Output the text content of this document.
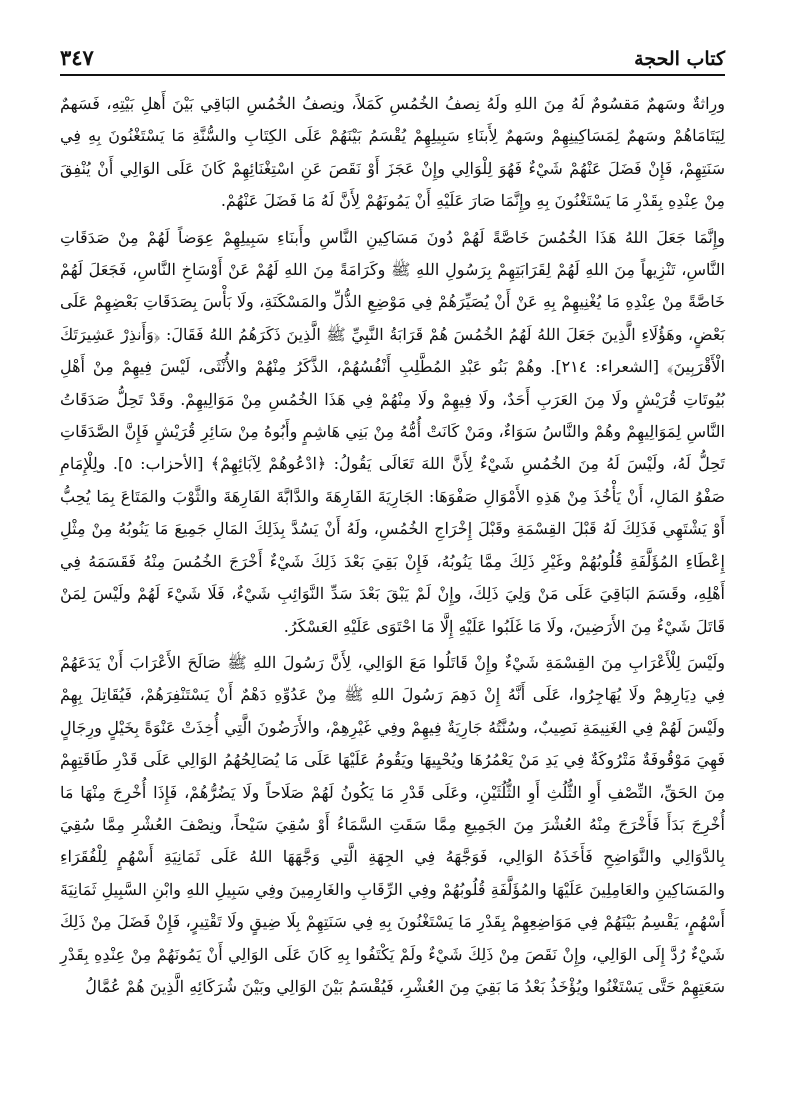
كتاب الحجة
٣٤٧

ورِاثةٌ وسَهمٌ مَقسُومٌ لَهُ مِنَ اللهِ ولَهُ نِصفُ الخُمُسِ كَمَلاً، ونِصفُ الخُمُسِ البَاقِي بَيْنَ أَهلِ بَيْتِهِ، فَسَهمٌ لِيَتَامَاهُمْ وسَهمٌ لِمَسَاكِينِهِمْ وسَهمٌ لِأَبنَاءِ سَبِيلِهِمْ يُقْسَمُ بَيْنَهُمْ عَلَى الكِتَابِ والسُّنَّةِ مَا يَسْتَغْنُونَ بِهِ فِي سَنَتِهِمْ، فَإِنْ فَضَلَ عَنْهُمْ شَيْءٌ فَهُوَ لِلْوَالِي وإِنْ عَجَزَ أَوْ نَقَصَ عَنِ اسْتِغْنَائِهِمْ كَانَ عَلَى الوَالِي أَنْ يُنْفِقَ مِنْ عِنْدِهِ بِقَدْرِ مَا يَسْتَغْنُونَ بِهِ وإِنَّمَا صَارَ عَلَيْهِ أَنْ يَمُونَهُمْ لِأَنَّ لَهُ مَا فَضَلَ عَنْهُمْ.

وإِنَّمَا جَعَلَ اللهُ هَذَا الخُمُسَ خَاصَّةً لَهُمْ دُونَ مَسَاكِينِ النَّاسِ وأَبنَاءِ سَبِيلِهِمْ عِوَضاً لَهُمْ مِنْ صَدَقَاتِ النَّاسِ، تَنْزِيهاً مِنَ اللهِ لَهُمْ لِقَرَابَتِهِمْ بِرَسُولِ اللهِ ﷺ وكَرَامَةً مِنَ اللهِ لَهُمْ عَنْ أَوْسَاخِ النَّاسِ، فَجَعَلَ لَهُمْ خَاصَّةً مِنْ عِنْدِهِ مَا يُغْنِيهِمْ بِهِ عَنْ أَنْ يُصَيِّرَهُمْ فِي مَوْضِعِ الذُّلِّ والمَسْكَنَةِ، ولَا بَأْسَ بِصَدَقَاتِ بَعْضِهِمْ عَلَى بَعْضٍ، وهَؤُلَاءِ الَّذِينَ جَعَلَ اللهُ لَهُمُ الخُمُسَ هُمْ قَرَابَةُ النَّبِيِّ ﷺ الَّذِينَ ذَكَرَهُمُ اللهُ فَقَالَ: ﴿وَأَنذِرْ عَشِيرَتَكَ الْأَقْرَبِينَ﴾ [الشعراء: ٢١٤]. وهُمْ بَنُو عَبْدِ المُطَّلِبِ أَنْفُسُهُمْ، الذَّكَرُ مِنْهُمْ والأُنْثَى، لَيْسَ فِيهِمْ مِنْ أَهْلِ بُيُوتَاتِ قُرَيْشٍ ولَا مِنَ العَرَبِ أَحَدٌ، ولَا فِيهِمْ ولَا مِنْهُمْ فِي هَذَا الخُمُسِ مِنْ مَوَالِيهِمْ. وقَدْ تَحِلُّ صَدَقَاتُ النَّاسِ لِمَوَالِيهِمْ وهُمْ والنَّاسُ سَوَاءٌ، ومَنْ كَانَتْ أُمُّهُ مِنْ بَنِي هَاشِمٍ وأَبُوهُ مِنْ سَائِرِ قُرَيْشٍ فَإِنَّ الصَّدَقَاتِ تَحِلُّ لَهُ، ولَيْسَ لَهُ مِنَ الخُمُسِ شَيْءٌ لِأَنَّ اللهَ تَعَالَى يَقُولُ: ﴿ادْعُوهُمْ لِآبَائِهِمْ﴾ [الأحزاب: ٥]. ولِلْإِمَامِ صَفْوُ المَالِ، أَنْ يَأْخُذَ مِنْ هَذِهِ الأَمْوَالِ صَفْوَهَا: الجَارِيَةَ الفَارِهَةَ والدَّابَّةَ الفَارِهَةَ والثَّوْبَ والمَتَاعَ بِمَا يُحِبُّ أَوْ يَشْتَهِي فَذَلِكَ لَهُ قَبْلَ القِسْمَةِ وقَبْلَ إِخْرَاجِ الخُمُسِ، ولَهُ أَنْ يَسُدَّ بِذَلِكَ المَالِ جَمِيعَ مَا يَنُوبُهُ مِنْ مِثْلِ إِعْطَاءِ المُؤَلَّفَةِ قُلُوبُهُمْ وغَيْرِ ذَلِكَ مِمَّا يَنُوبُهُ، فَإِنْ بَقِيَ بَعْدَ ذَلِكَ شَيْءٌ أَخْرَجَ الخُمُسَ مِنْهُ فَقَسَمَهُ فِي أَهْلِهِ، وقَسَمَ البَاقِيَ عَلَى مَنْ وَلِيَ ذَلِكَ، وإِنْ لَمْ يَبْقَ بَعْدَ سَدِّ النَّوَائِبِ شَيْءٌ، فَلَا شَيْءَ لَهُمْ ولَيْسَ لِمَنْ قَاتَلَ شَيْءٌ مِنَ الأَرَضِينَ، ولَا مَا غَلَبُوا عَلَيْهِ إِلَّا مَا احْتَوَى عَلَيْهِ العَسْكَرُ.

ولَيْسَ لِلْأَعْرَابِ مِنَ القِسْمَةِ شَيْءٌ وإِنْ قَاتَلُوا مَعَ الوَالِي، لِأَنَّ رَسُولَ اللهِ ﷺ صَالَحَ الأَعْرَابَ أَنْ يَدَعَهُمْ فِي دِيَارِهِمْ ولَا يُهَاجِرُوا، عَلَى أَنَّهُ إِنْ دَهِمَ رَسُولَ اللهِ ﷺ مِنْ عَدُوِّهِ دَهْمٌ أَنْ يَسْتَنْفِرَهُمْ، فَيُقَاتِلَ بِهِمْ ولَيْسَ لَهُمْ فِي الغَنِيمَةِ نَصِيبٌ، وسُنَّتُهُ جَارِيَةٌ فِيهِمْ وفِي غَيْرِهِمْ، والأَرَضُونَ الَّتِي أُخِذَتْ عَنْوَةً بِخَيْلٍ ورِجَالٍ فَهِيَ مَوْقُوفَةٌ مَتْرُوكَةٌ فِي يَدِ مَنْ يَعْمُرُهَا ويُحْيِيهَا ويَقُومُ عَلَيْهَا عَلَى مَا يُصَالِحُهُمُ الوَالِي عَلَى قَدْرِ طَاقَتِهِمْ مِنَ الحَقِّ، النِّصْفِ أَوِ الثُّلُثِ أَوِ الثُّلُثَيْنِ، وعَلَى قَدْرِ مَا يَكُونُ لَهُمْ صَلَاحاً ولَا يَضُرُّهُمْ، فَإِذَا أُخْرِجَ مِنْهَا مَا أُخْرِجَ بَدَأَ فَأَخْرَجَ مِنْهُ العُشْرَ مِنَ الجَمِيعِ مِمَّا سَقَتِ السَّمَاءُ أَوْ سُقِيَ سَيْحاً، ونِصْفَ العُشْرِ مِمَّا سُقِيَ بِالدَّوَالِي والنَّوَاضِحِ فَأَخَذَهُ الوَالِي، فَوَجَّهَهُ فِي الجِهَةِ الَّتِي وَجَّهَهَا اللهُ عَلَى ثَمَانِيَةِ أَسْهُمٍ لِلْفُقَرَاءِ والمَسَاكِينِ والعَامِلِينَ عَلَيْهَا والمُؤَلَّفَةِ قُلُوبُهُمْ وفِي الرِّقَابِ والغَارِمِينَ وفِي سَبِيلِ اللهِ وابْنِ السَّبِيلِ ثَمَانِيَةَ أَسْهُمٍ، يَقْسِمُ بَيْنَهُمْ فِي مَوَاضِعِهِمْ بِقَدْرِ مَا يَسْتَغْنُونَ بِهِ فِي سَنَتِهِمْ بِلَا ضِيقٍ ولَا تَقْتِيرٍ، فَإِنْ فَضَلَ مِنْ ذَلِكَ شَيْءٌ رُدَّ إِلَى الوَالِي، وإِنْ نَقَصَ مِنْ ذَلِكَ شَيْءٌ ولَمْ يَكْتَفُوا بِهِ كَانَ عَلَى الوَالِي أَنْ يَمُونَهُمْ مِنْ عِنْدِهِ بِقَدْرِ سَعَتِهِمْ حَتَّى يَسْتَغْنُوا ويُؤْخَذُ بَعْدُ مَا بَقِيَ مِنَ العُشْرِ، فَيُقْسَمُ بَيْنَ الوَالِي وبَيْنَ شُرَكَائِهِ الَّذِينَ هُمْ عُمَّالُ
